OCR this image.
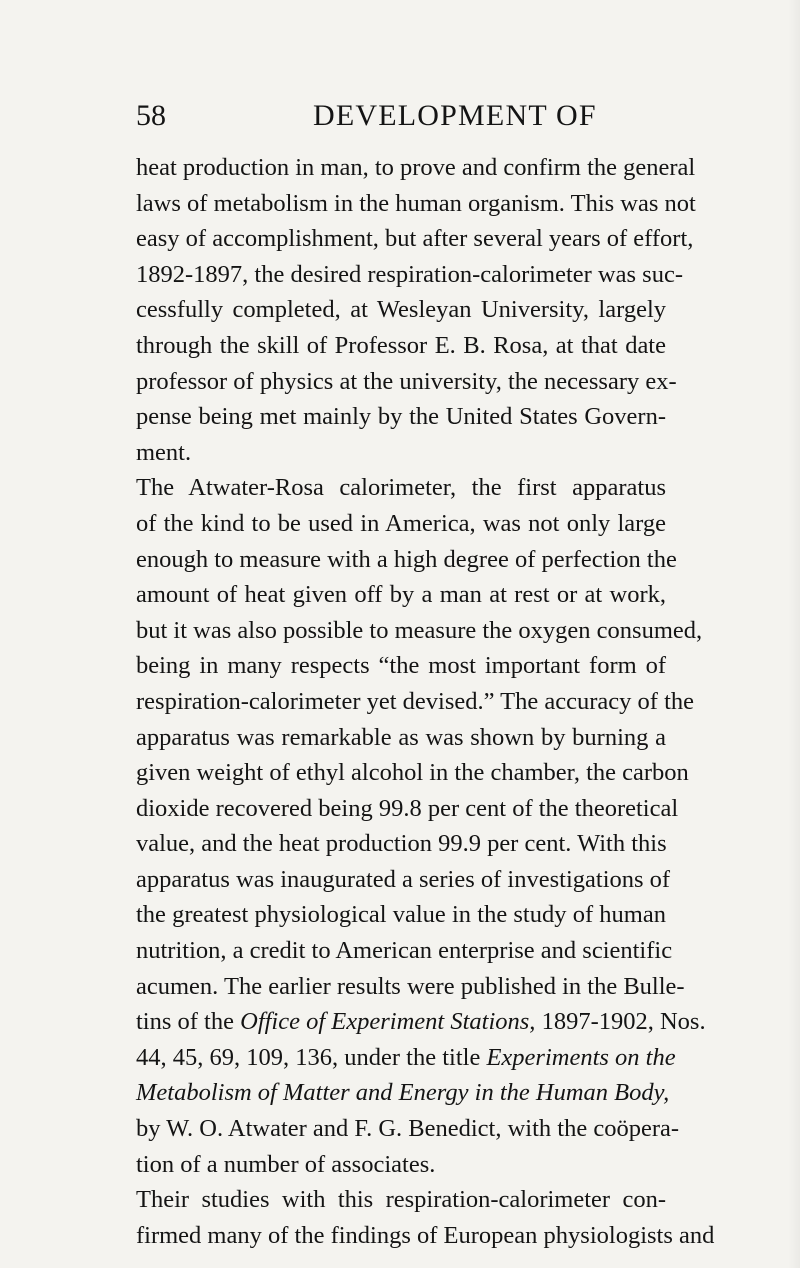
58	DEVELOPMENT OF
heat production in man, to prove and confirm the general
laws of metabolism in the human organism. This was not
easy of accomplishment, but after several years of effort,
1892-1897, the desired respiration-calorimeter was suc-
cessfully completed, at Wesleyan University, largely
through the skill of Professor E. B. Rosa, at that date
professor of physics at the university, the necessary ex-
pense being met mainly by the United States Govern-
ment.
The Atwater-Rosa calorimeter, the first apparatus
of the kind to be used in America, was not only large
enough to measure with a high degree of perfection the
amount of heat given off by a man at rest or at work,
but it was also possible to measure the oxygen consumed,
being in many respects “the most important form of
respiration-calorimeter yet devised.” The accuracy of the
apparatus was remarkable as was shown by burning a
given weight of ethyl alcohol in the chamber, the carbon
dioxide recovered being 99.8 per cent of the theoretical
value, and the heat production 99.9 per cent. With this
apparatus was inaugurated a series of investigations of
the greatest physiological value in the study of human
nutrition, a credit to American enterprise and scientific
acumen. The earlier results were published in the Bulle-
tins of the Office of Experiment Stations, 1897-1902, Nos.
44, 45, 69, 109, 136, under the title Experiments on the
Metabolism of Matter and Energy in the Human Body,
by W. O. Atwater and F. G. Benedict, with the coöpera-
tion of a number of associates.
Their studies with this respiration-calorimeter con-
firmed many of the findings of European physiologists and
